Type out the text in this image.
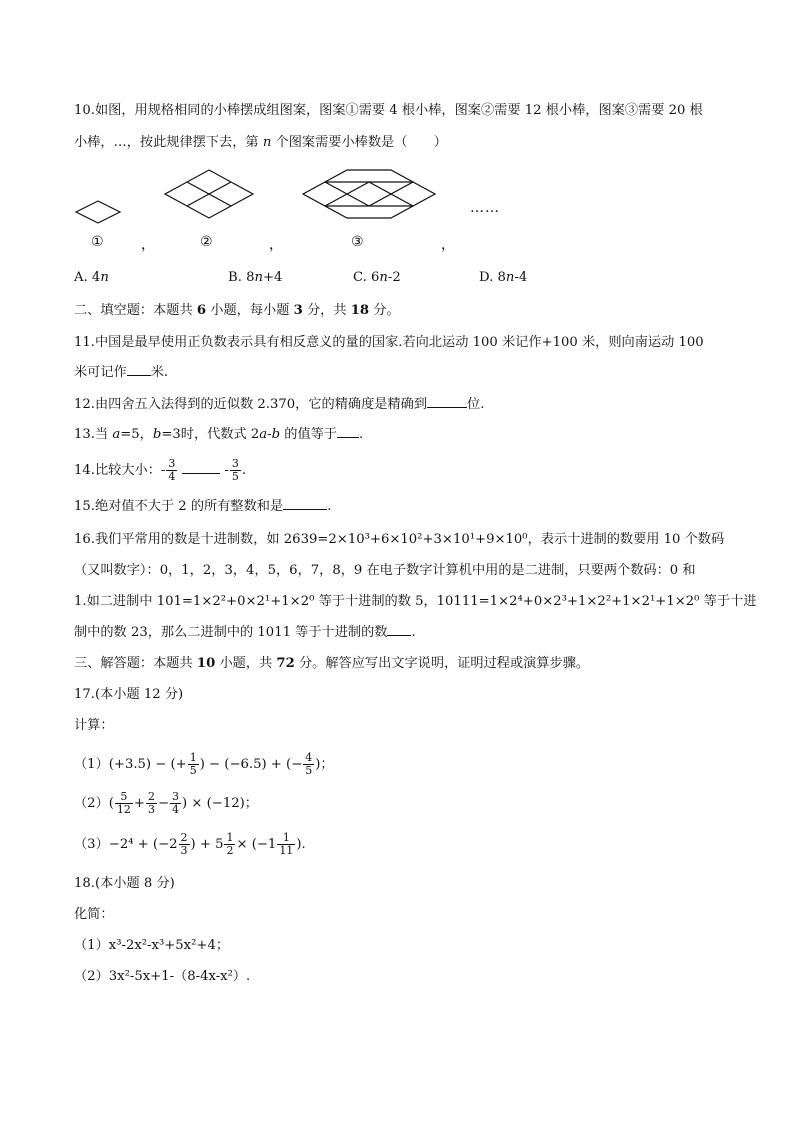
10.如图，用规格相同的小棒摆成组图案，图案①需要 4 根小棒，图案②需要 12 根小棒，图案③需要 20 根
小棒，…，按此规律摆下去，第 n 个图案需要小棒数是（　　）
①	，	②	，	③	，
……
A. 4n	B. 8n+4	C. 6n-2	D. 8n-4
二、填空题：本题共 6 小题，每小题 3 分，共 18 分。
11.中国是最早使用正负数表示具有相反意义的量的国家.若向北运动 100 米记作+100 米，则向南运动 100
米可记作 米.
12.由四舍五入法得到的近似数 2.370，它的精确度是精确到	位.
13.当 a=5，b=3时，代数式 2a-b 的值等于 .
14.比较大小：- $\frac{3}{4}$	- $\frac{3}{5}$ .
15.绝对值不大于 2 的所有整数和是	.
16.我们平常用的数是十进制数，如 2639=2×10³+6×10²+3×10¹+9×10⁰，表示十进制的数要用 10 个数码
（又叫数字）：0，1，2，3，4，5，6，7，8，9 在电子数字计算机中用的是二进制，只要两个数码：0 和
1.如二进制中 101=1×2²+0×2¹+1×2⁰ 等于十进制的数 5，10111=1×2⁴+0×2³+1×2²+1×2¹+1×2⁰ 等于十进
制中的数 23，那么二进制中的 1011 等于十进制的数 .
三、解答题：本题共 10 小题，共 72 分。解答应写出文字说明，证明过程或演算步骤。
17.(本小题 12 分)
计算：
（1）(+3.5) − (+ $\frac{1}{5}$ ) − (−6.5) + (− $\frac{4}{5}$ )；
$(2)( \frac{5}{12} + \frac{2}{3} - \frac{3}{4}$ ) × (−12)；
$(3)-2^4 + (-2 \frac{2}{3}$ ) + $5 \frac{1}{2} \times (-1 \frac{1}{11}$ ).
18.(本小题 8 分)
化简：
（1）x³-2x²-x³+5x²+4；
（2）3x²-5x+1-（8-4x-x²）.
